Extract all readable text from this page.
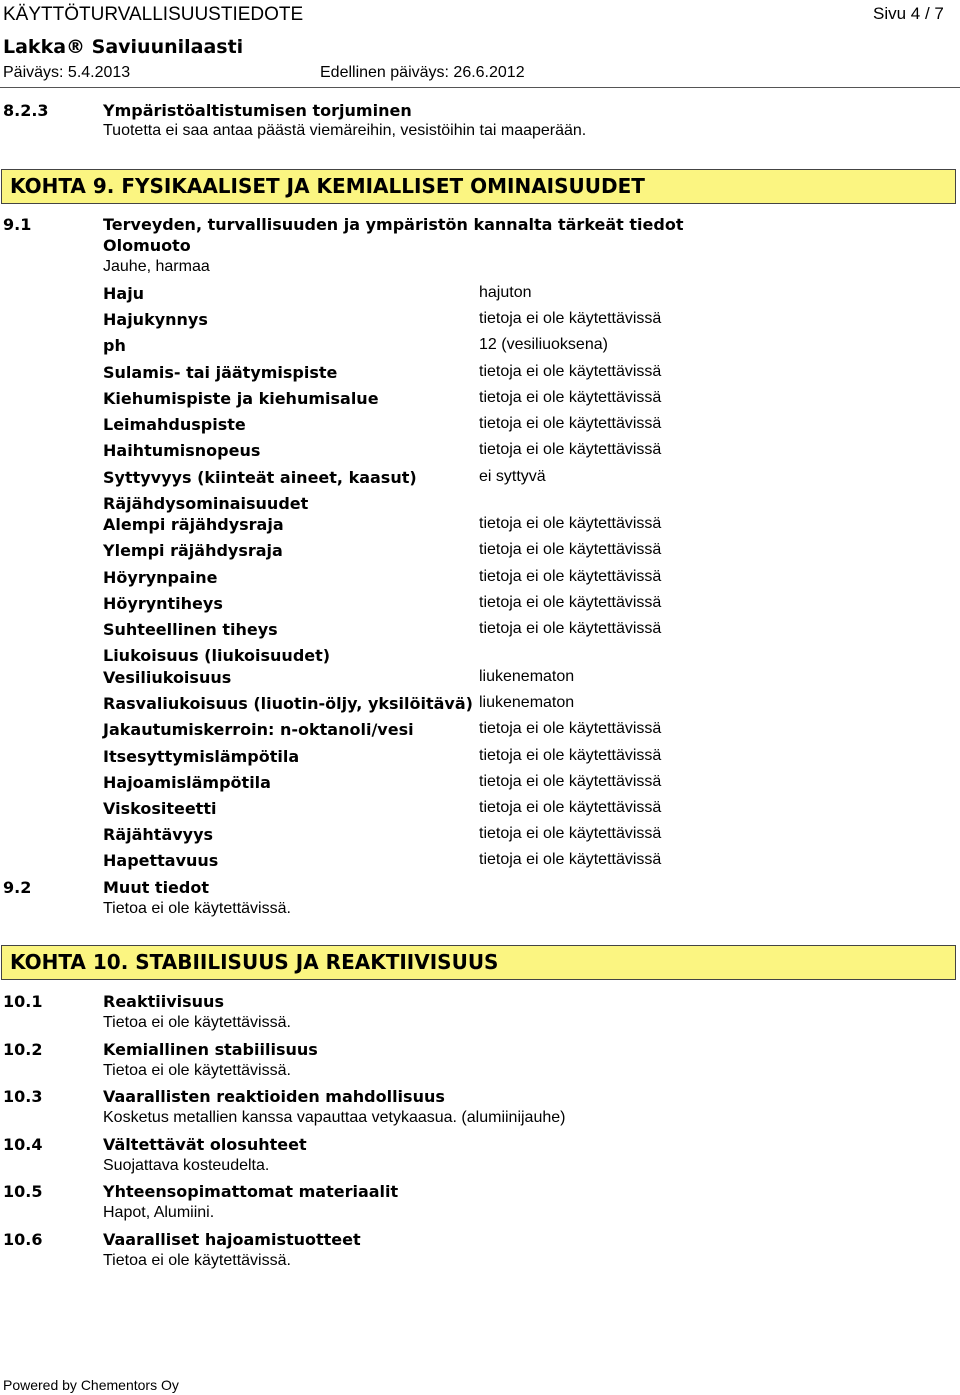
KÄYTTÖTURVALLISUUSTIEDOTE	Sivu 4 / 7
Lakka® Saviuunilaasti
Päiväys: 5.4.2013	Edellinen päiväys: 26.6.2012
8.2.3	Ympäristöaltistumisen torjuminen
Tuotetta ei saa antaa päästä viemäreihin, vesistöihin tai maaperään.
KOHTA 9. FYSIKAALISET JA KEMIALLISET OMINAISUUDET
9.1	Terveyden, turvallisuuden ja ympäristön kannalta tärkeät tiedot
Olomuoto
Jauhe, harmaa
Haju	hajuton
Hajukynnys	tietoja ei ole käytettävissä
ph	12 (vesiliuoksena)
Sulamis- tai jäätymispiste	tietoja ei ole käytettävissä
Kiehumispiste ja kiehumisalue	tietoja ei ole käytettävissä
Leimahduspiste	tietoja ei ole käytettävissä
Haihtumisnopeus	tietoja ei ole käytettävissä
Syttyvyys (kiinteät aineet, kaasut)	ei syttyvä
Räjähdysominaisuudet
Alempi räjähdysraja	tietoja ei ole käytettävissä
Ylempi räjähdysraja	tietoja ei ole käytettävissä
Höyrynpaine	tietoja ei ole käytettävissä
Höyryntiheys	tietoja ei ole käytettävissä
Suhteellinen tiheys	tietoja ei ole käytettävissä
Liukoisuus (liukoisuudet)
Vesiliukoisuus	liukenematon
Rasvaliukoisuus (liuotin-öljy, yksilöitävä) liukenematon
Jakautumiskerroin: n-oktanoli/vesi	tietoja ei ole käytettävissä
Itsesyttymislämpötila	tietoja ei ole käytettävissä
Hajoamislämpötila	tietoja ei ole käytettävissä
Viskositeetti	tietoja ei ole käytettävissä
Räjähtävyys	tietoja ei ole käytettävissä
Hapettavuus	tietoja ei ole käytettävissä
9.2	Muut tiedot
Tietoa ei ole käytettävissä.
KOHTA 10. STABIILISUUS JA REAKTIIVISUUS
10.1	Reaktiivisuus
Tietoa ei ole käytettävissä.
10.2	Kemiallinen stabiilisuus
Tietoa ei ole käytettävissä.
10.3	Vaarallisten reaktioiden mahdollisuus
Kosketus metallien kanssa vapauttaa vetykaasua. (alumiinijauhe)
10.4	Vältettävät olosuhteet
Suojattava kosteudelta.
10.5	Yhteensopimattomat materiaalit
Hapot, Alumiini.
10.6	Vaaralliset hajoamistuotteet
Tietoa ei ole käytettävissä.
Powered by Chementors Oy
